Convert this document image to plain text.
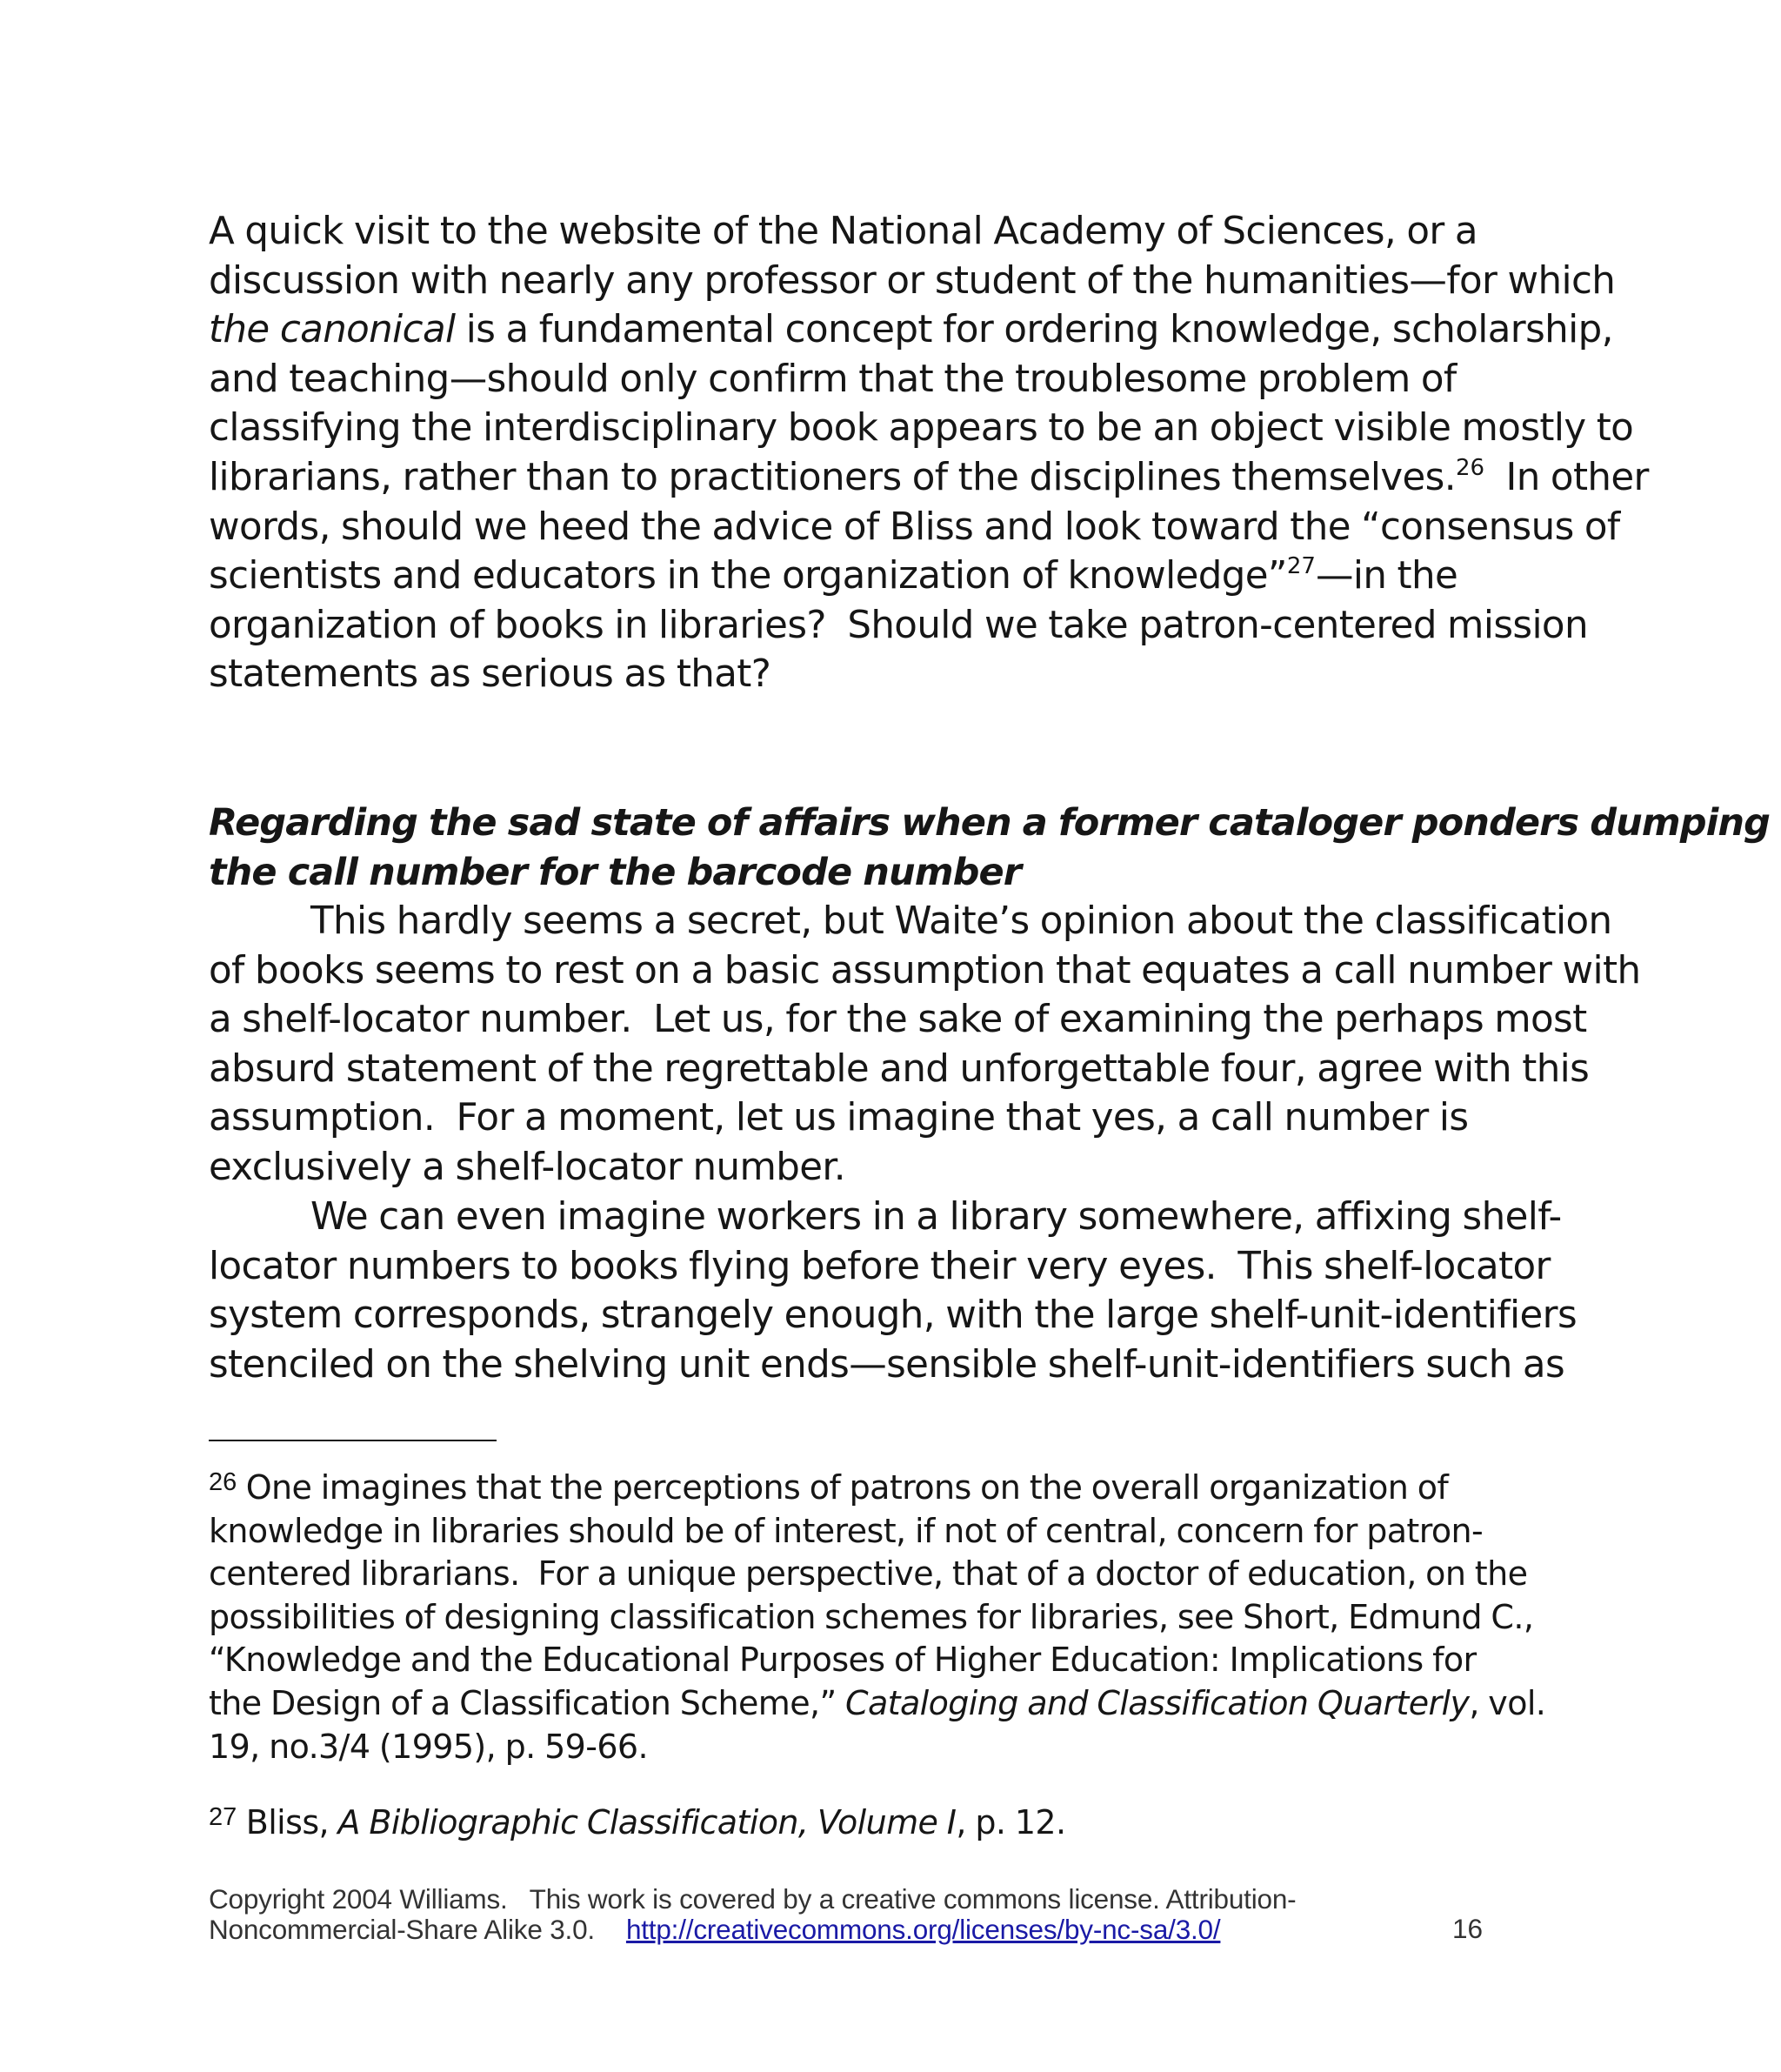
A quick visit to the website of the National Academy of Sciences, or a
discussion with nearly any professor or student of the humanities—for which
the canonical is a fundamental concept for ordering knowledge, scholarship,
and teaching—should only confirm that the troublesome problem of
classifying the interdisciplinary book appears to be an object visible mostly to
librarians, rather than to practitioners of the disciplines themselves.$^{26}$  In other
words, should we heed the advice of Bliss and look toward the “consensus of
scientists and educators in the organization of knowledge”$^{27}$—in the
organization of books in libraries?  Should we take patron-centered mission
statements as serious as that?

Regarding the sad state of affairs when a former cataloger ponders dumping
the call number for the barcode number

This hardly seems a secret, but Waite’s opinion about the classification
of books seems to rest on a basic assumption that equates a call number with
a shelf-locator number.  Let us, for the sake of examining the perhaps most
absurd statement of the regrettable and unforgettable four, agree with this
assumption.  For a moment, let us imagine that yes, a call number is
exclusively a shelf-locator number.

We can even imagine workers in a library somewhere, affixing shelf-
locator numbers to books flying before their very eyes.  This shelf-locator
system corresponds, strangely enough, with the large shelf-unit-identifiers
stenciled on the shelving unit ends—sensible shelf-unit-identifiers such as

$^{26}$ One imagines that the perceptions of patrons on the overall organization of
knowledge in libraries should be of interest, if not of central, concern for patron-
centered librarians.  For a unique perspective, that of a doctor of education, on the
possibilities of designing classification schemes for libraries, see Short, Edmund C.,
“Knowledge and the Educational Purposes of Higher Education: Implications for
the Design of a Classification Scheme,” Cataloging and Classification Quarterly, vol.
19, no.3/4 (1995), p. 59-66.

$^{27}$ Bliss, A Bibliographic Classification, Volume I, p. 12.

Copyright 2004 Williams.   This work is covered by a creative commons license. Attribution-
Noncommercial-Share Alike 3.0. http://creativecommons.org/licenses/by-nc-sa/3.0/	16
